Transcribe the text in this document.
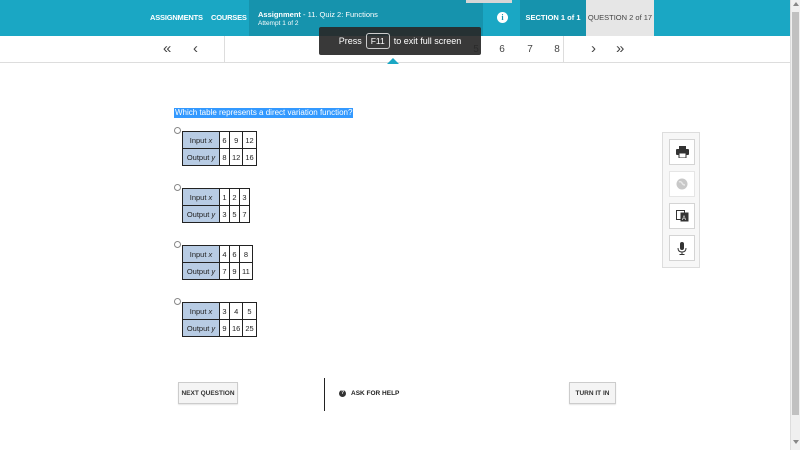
ASSIGNMENTS COURSES Assignment - 11. Quiz 2: Functions
Attempt 1 of 2
i	SECTION 1 of 1 QUESTION 2 of 17
« ‹	6	7	8 › »
Press	F11	to exit full screen
Which table represents a direct variation function?
Input x	6	9	12
Output y	8	12	16
Input x	1	2	3
Output y	3	5	7
Input x	4	6	8
Output y	7	9	11
Input x	3	4	5
Output y	9	16	25
A
NEXT QUESTION	?	ASK FOR HELP	TURN IT IN
